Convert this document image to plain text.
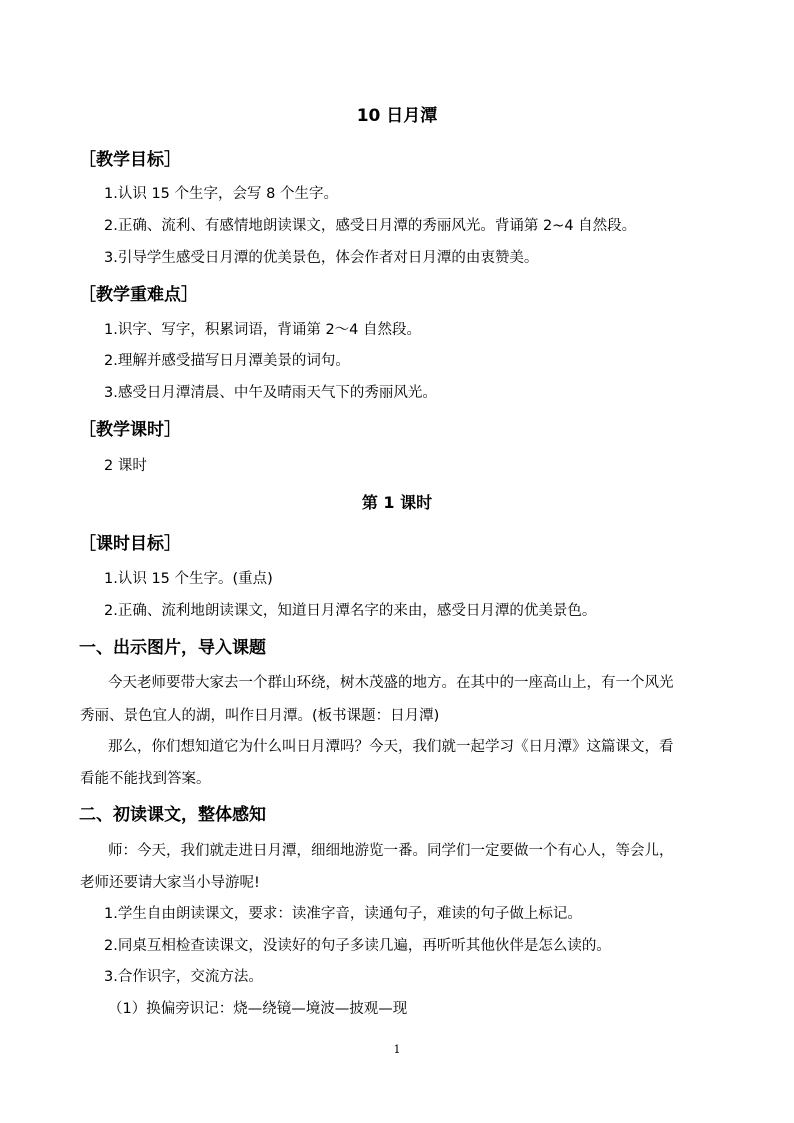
10 日月潭
［教学目标］
1.认识 15 个生字，会写 8 个生字。
2.正确、流利、有感情地朗读课文，感受日月潭的秀丽风光。背诵第 2~4 自然段。
3.引导学生感受日月潭的优美景色，体会作者对日月潭的由衷赞美。
［教学重难点］
1.识字、写字，积累词语，背诵第 2～4 自然段。
2.理解并感受描写日月潭美景的词句。
3.感受日月潭清晨、中午及晴雨天气下的秀丽风光。
［教学课时］
2 课时
第 1 课时
［课时目标］
1.认识 15 个生字。(重点)
2.正确、流利地朗读课文，知道日月潭名字的来由，感受日月潭的优美景色。
一、出示图片，导入课题
今天老师要带大家去一个群山环绕，树木茂盛的地方。在其中的一座高山上，有一个风光
秀丽、景色宜人的湖，叫作日月潭。(板书课题：日月潭)
那么，你们想知道它为什么叫日月潭吗？今天，我们就一起学习《日月潭》这篇课文，看
看能不能找到答案。
二、初读课文，整体感知
师：今天，我们就走进日月潭，细细地游览一番。同学们一定要做一个有心人，等会儿，
老师还要请大家当小导游呢!
1.学生自由朗读课文，要求：读准字音，读通句子，难读的句子做上标记。
2.同桌互相检查读课文，没读好的句子多读几遍，再听听其他伙伴是怎么读的。
3.合作识字，交流方法。
（1）换偏旁识记：烧—绕镜—境波—披观—现
1
